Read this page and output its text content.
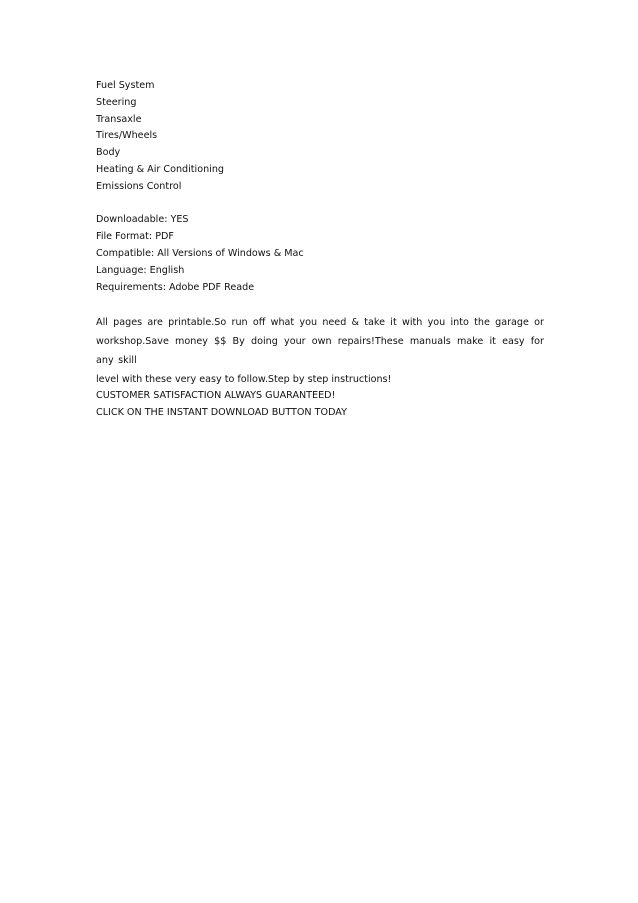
Fuel System
Steering
Transaxle
Tires/Wheels
Body
Heating & Air Conditioning
Emissions Control
Downloadable: YES
File Format: PDF
Compatible: All Versions of Windows & Mac
Language: English
Requirements: Adobe PDF Reade

All pages are printable.So run off what you need & take it with you into the garage or workshop.Save money $$ By doing your own repairs!These manuals make it easy for any skill
level with these very easy to follow.Step by step instructions!

CUSTOMER SATISFACTION ALWAYS GUARANTEED!
CLICK ON THE INSTANT DOWNLOAD BUTTON TODAY
